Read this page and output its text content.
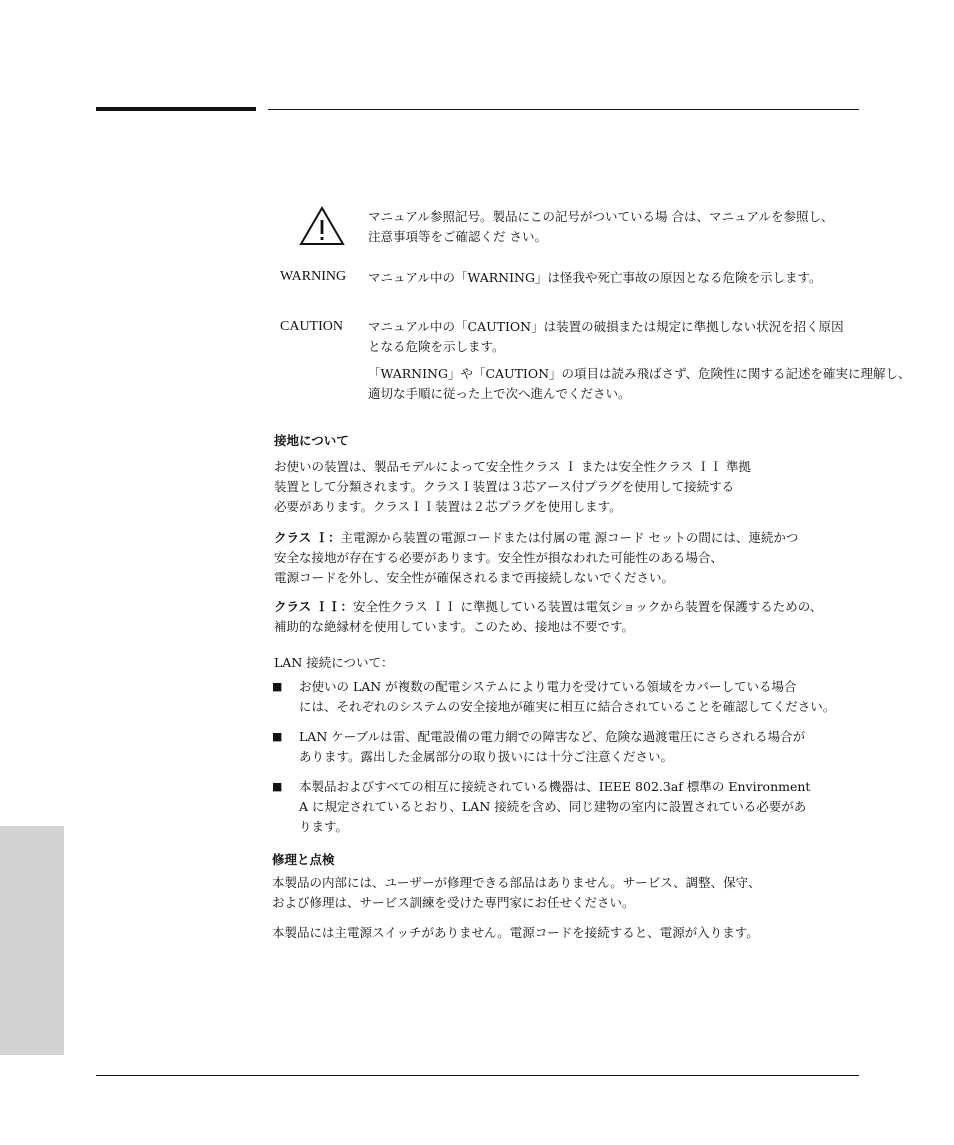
マニュアル参照記号。製品にこの記号がついている場 合は、マニュアルを参照し、
注意事項等をご確認くだ さい。
WARNING マニュアル中の「WARNING」は怪我や死亡事故の原因となる危険を示します。
CAUTION マニュアル中の「CAUTION」は装置の破損または規定に準拠しない状況を招く原因
となる危険を示します。
「WARNING」や「CAUTION」の項目は読み飛ばさず、危険性に関する記述を確実に理解し、
適切な手順に従った上で次へ進んでください。
接地について
お使いの装置は、製品モデルによって安全性クラス Ｉ または安全性クラス ＩＩ 準拠
装置として分類されます。クラスＩ装置は３芯アース付プラグを使用して接続する
必要があります。クラスＩＩ装置は２芯プラグを使用します。
クラス Ｉ：主電源から装置の電源コードまたは付属の電 源コード セットの間には、連続かつ
安全な接地が存在する必要があります。安全性が損なわれた可能性のある場合、
電源コードを外し、安全性が確保されるまで再接続しないでください。
クラス ＩＩ：安全性クラス ＩＩ に準拠している装置は電気ショックから装置を保護するための、
補助的な絶縁材を使用しています。このため、接地は不要です。
LAN 接続について：
■ お使いの LAN が複数の配電システムにより電力を受けている領域をカバーしている場合
には、それぞれのシステムの安全接地が確実に相互に結合されていることを確認してください。
■ LAN ケーブルは雷、配電設備の電力網での障害など、危険な過渡電圧にさらされる場合が
あります。露出した金属部分の取り扱いには十分ご注意ください。
■ 本製品およびすべての相互に接続されている機器は、IEEE 802.3af 標準の Environment
A に規定されているとおり、LAN 接続を含め、同じ建物の室内に設置されている必要があ
ります。
修理と点検
本製品の内部には、ユーザーが修理できる部品はありません。サービス、調整、保守、
および修理は、サービス訓練を受けた専門家にお任せください。
本製品には主電源スイッチがありません。電源コードを接続すると、電源が入ります。
